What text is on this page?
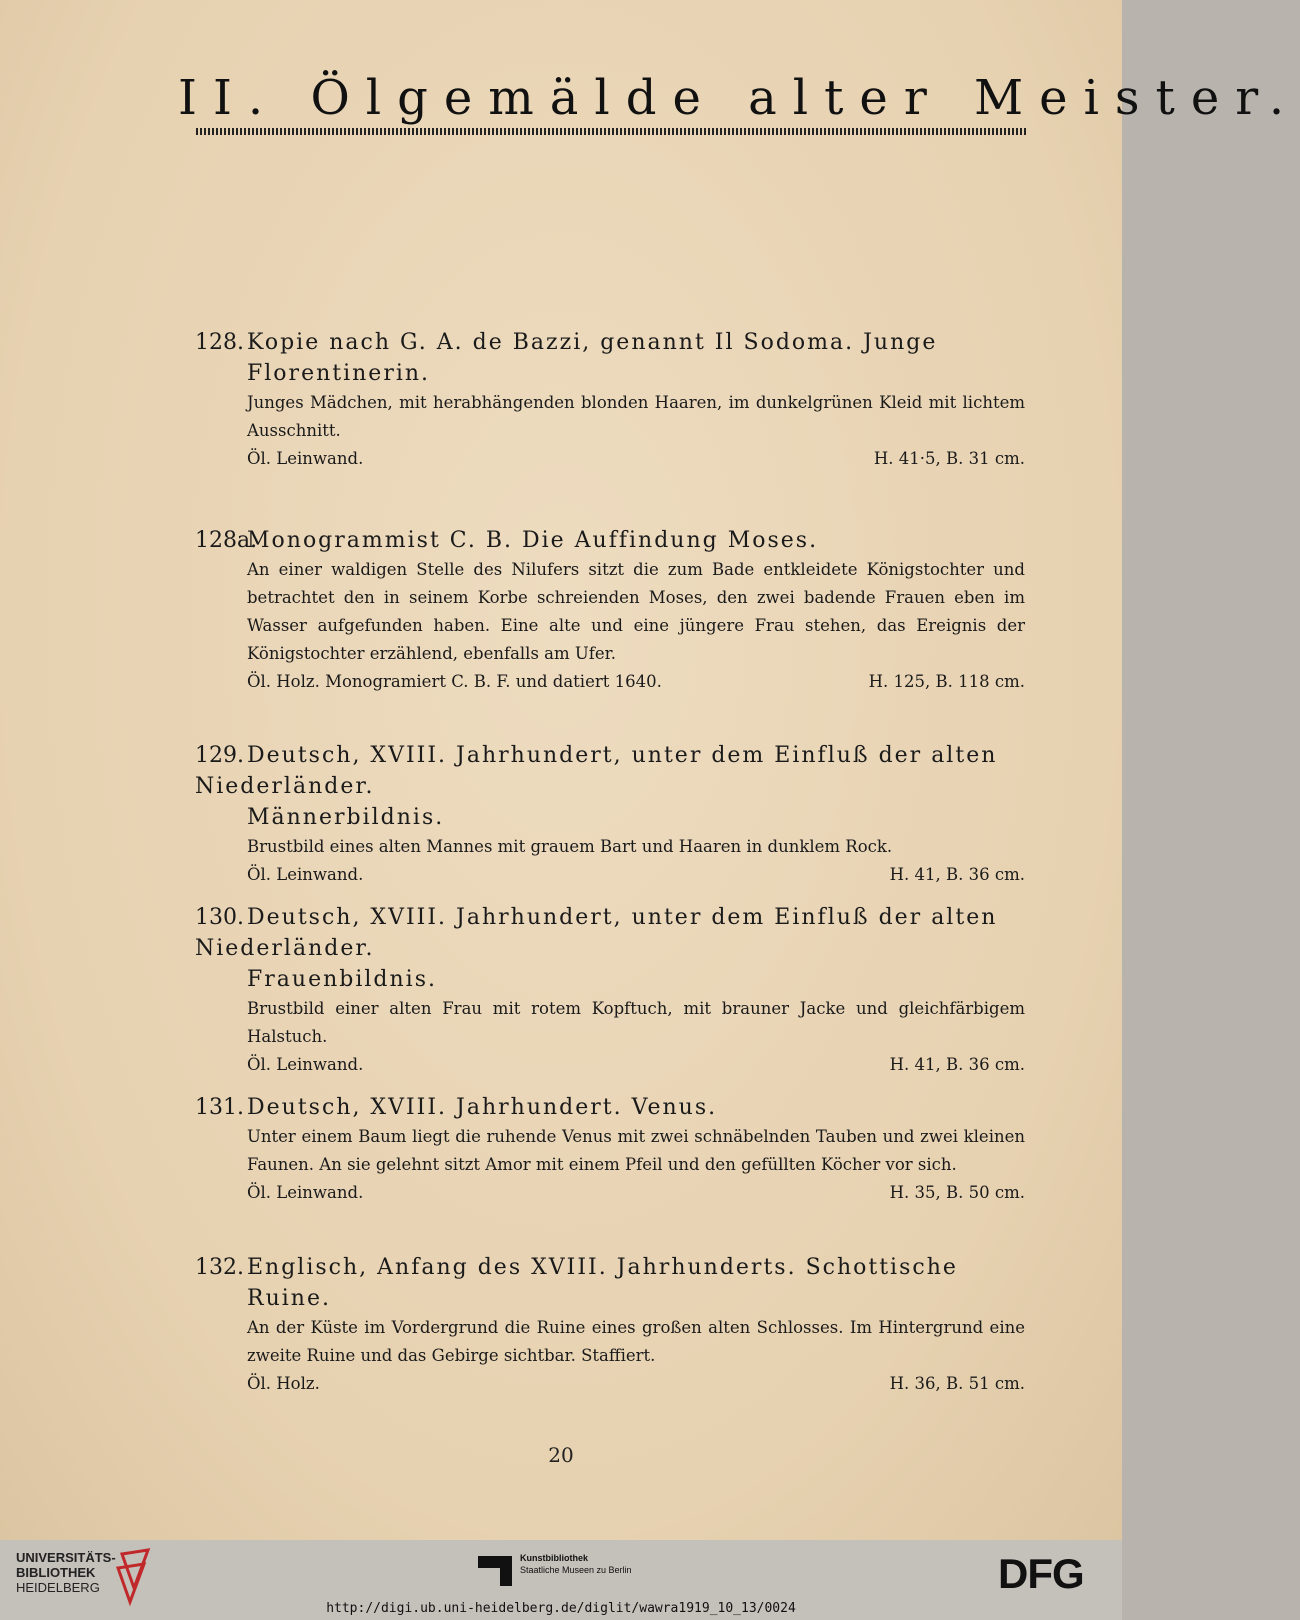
II. Ölgemälde alter Meister.
128. Kopie nach G. A. de Bazzi, genannt Il Sodoma. Junge
Florentinerin.
Junges Mädchen, mit herabhängenden blonden Haaren, im dunkelgrünen Kleid mit lichtem Ausschnitt.
Öl. Leinwand.	H. 41·5, B. 31 cm.
128a.Monogrammist C. B. Die Auffindung Moses.
An einer waldigen Stelle des Nilufers sitzt die zum Bade entkleidete Königstochter und betrachtet den in seinem Korbe schreienden Moses, den zwei badende Frauen eben im Wasser aufgefunden haben. Eine alte und eine jüngere Frau stehen, das Ereignis der Königstochter erzählend, ebenfalls am Ufer.
Öl. Holz. Monogramiert C. B. F. und datiert 1640.	H. 125, B. 118 cm.
129. Deutsch, XVIII. Jahrhundert, unter dem Einfluß der alten Niederländer.
Männerbildnis.
Brustbild eines alten Mannes mit grauem Bart und Haaren in dunklem Rock.
Öl. Leinwand.	H. 41, B. 36 cm.
130. Deutsch, XVIII. Jahrhundert, unter dem Einfluß der alten Niederländer.
Frauenbildnis.
Brustbild einer alten Frau mit rotem Kopftuch, mit brauner Jacke und gleichfärbigem Halstuch.
Öl. Leinwand.	H. 41, B. 36 cm.
131. Deutsch, XVIII. Jahrhundert. Venus.
Unter einem Baum liegt die ruhende Venus mit zwei schnäbelnden Tauben und zwei kleinen Faunen. An sie gelehnt sitzt Amor mit einem Pfeil und den gefüllten Köcher vor sich.
Öl. Leinwand.	H. 35, B. 50 cm.
132. Englisch, Anfang des XVIII. Jahrhunderts. Schottische
Ruine.
An der Küste im Vordergrund die Ruine eines großen alten Schlosses. Im Hintergrund eine zweite Ruine und das Gebirge sichtbar. Staffiert.
Öl. Holz.	H. 36, B. 51 cm.
20
UNIVERSITÄTS-
BIBLIOTHEK
HEIDELBERG
Kunstbibliothek
Staatliche Museen zu Berlin	DFG
http://digi.ub.uni-heidelberg.de/diglit/wawra1919_10_13/0024
